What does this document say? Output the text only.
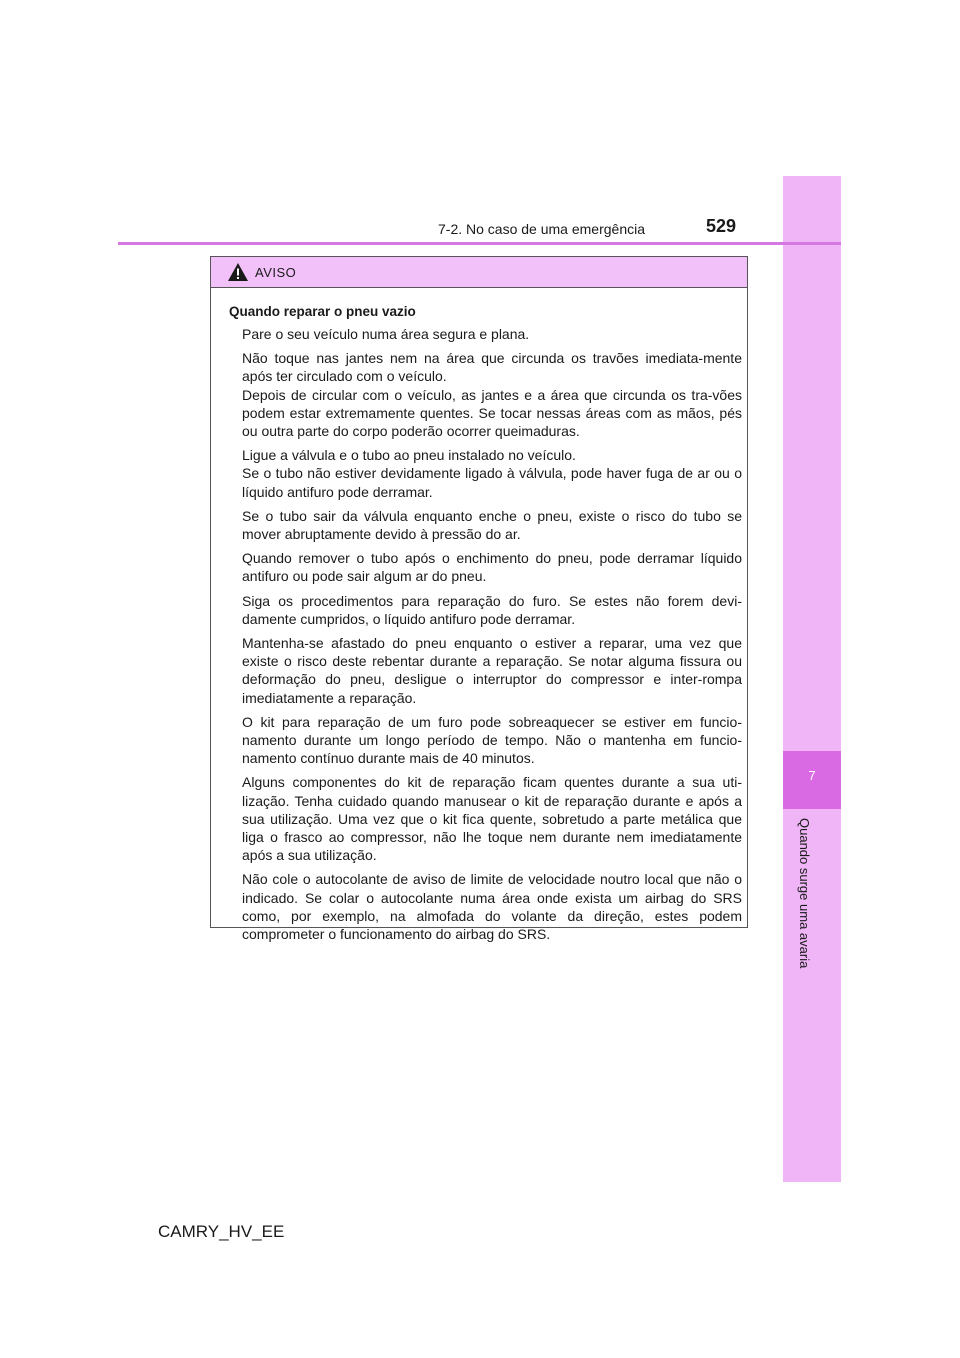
7
Quando surge uma avaria
7-2. No caso de uma emergência	529
AVISO
Quando reparar o pneu vazio
Pare o seu veículo numa área segura e plana.
Não toque nas jantes nem na área que circunda os travões imediata-mente após ter circulado com o veículo.
Depois de circular com o veículo, as jantes e a área que circunda os tra-vões podem estar extremamente quentes. Se tocar nessas áreas com as mãos, pés ou outra parte do corpo poderão ocorrer queimaduras.
Ligue a válvula e o tubo ao pneu instalado no veículo.
Se o tubo não estiver devidamente ligado à válvula, pode haver fuga de ar ou o líquido antifuro pode derramar.
Se o tubo sair da válvula enquanto enche o pneu, existe o risco do tubo se mover abruptamente devido à pressão do ar.
Quando remover o tubo após o enchimento do pneu, pode derramar líquido antifuro ou pode sair algum ar do pneu.
Siga os procedimentos para reparação do furo. Se estes não forem devi-damente cumpridos, o líquido antifuro pode derramar.
Mantenha-se afastado do pneu enquanto o estiver a reparar, uma vez que existe o risco deste rebentar durante a reparação. Se notar alguma fissura ou deformação do pneu, desligue o interruptor do compressor e inter-rompa imediatamente a reparação.
O kit para reparação de um furo pode sobreaquecer se estiver em funcio-namento durante um longo período de tempo. Não o mantenha em funcio-namento contínuo durante mais de 40 minutos.
Alguns componentes do kit de reparação ficam quentes durante a sua uti-lização. Tenha cuidado quando manusear o kit de reparação durante e após a sua utilização. Uma vez que o kit fica quente, sobretudo a parte metálica que liga o frasco ao compressor, não lhe toque nem durante nem imediatamente após a sua utilização.
Não cole o autocolante de aviso de limite de velocidade noutro local que não o indicado. Se colar o autocolante numa área onde exista um airbag do SRS como, por exemplo, na almofada do volante da direção, estes podem comprometer o funcionamento do airbag do SRS.
CAMRY_HV_EE
